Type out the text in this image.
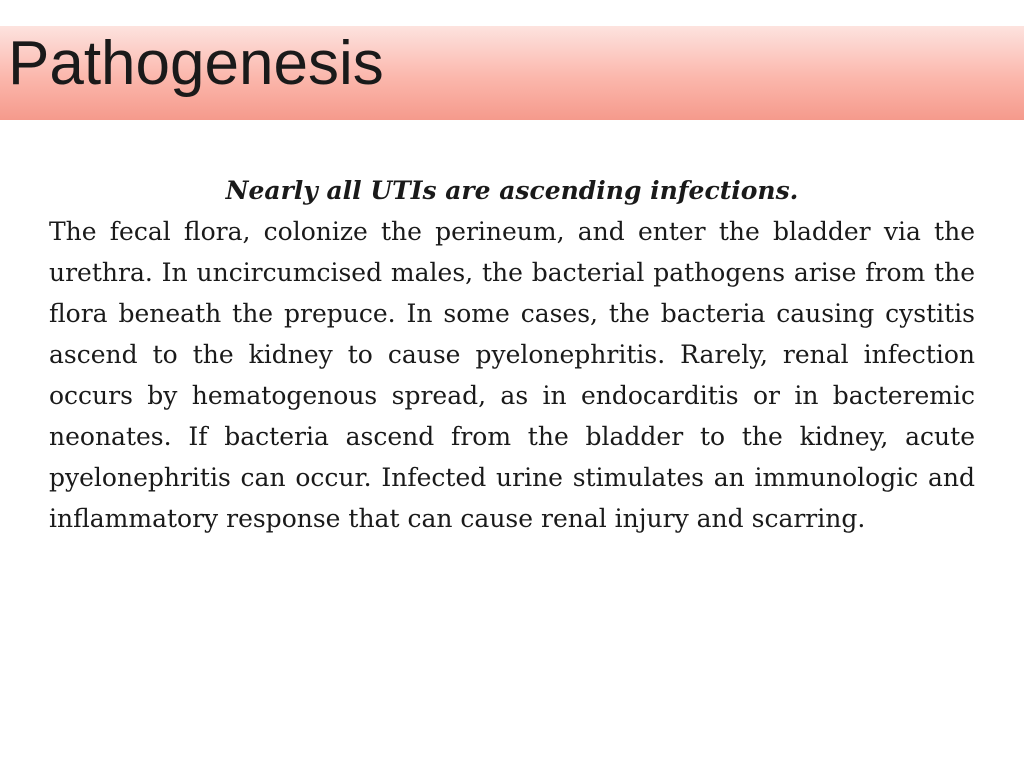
Pathogenesis

Nearly all UTIs are ascending infections.

The fecal flora, colonize the perineum, and enter the bladder via the urethra. In uncircumcised males, the bacterial pathogens arise from the flora beneath the prepuce. In some cases, the bacteria causing cystitis ascend to the kidney to cause pyelonephritis. Rarely, renal infection occurs by hematogenous spread, as in endocarditis or in bacteremic neonates. If bacteria ascend from the bladder to the kidney, acute pyelonephritis can occur. Infected urine stimulates an immunologic and inflammatory response that can cause renal injury and scarring.
